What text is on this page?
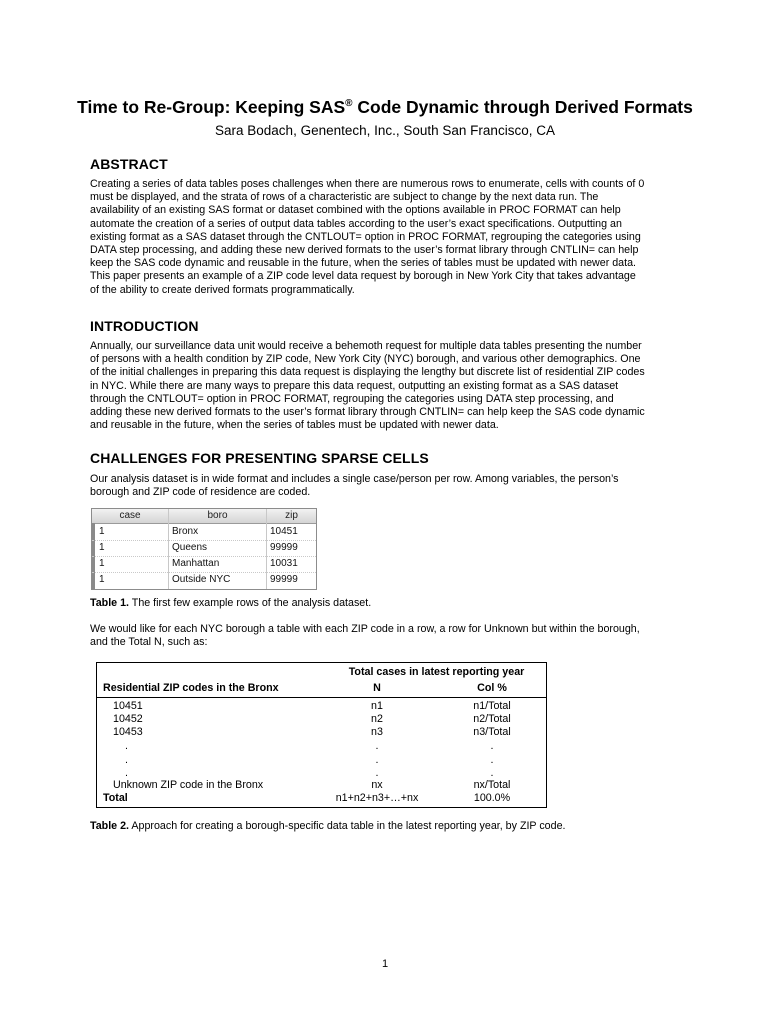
Time to Re-Group: Keeping SAS® Code Dynamic through Derived Formats
Sara Bodach, Genentech, Inc., South San Francisco, CA
ABSTRACT
Creating a series of data tables poses challenges when there are numerous rows to enumerate, cells with counts of 0
must be displayed, and the strata of rows of a characteristic are subject to change by the next data run. The
availability of an existing SAS format or dataset combined with the options available in PROC FORMAT can help
automate the creation of a series of output data tables according to the user’s exact specifications. Outputting an
existing format as a SAS dataset through the CNTLOUT= option in PROC FORMAT, regrouping the categories using
DATA step processing, and adding these new derived formats to the user’s format library through CNTLIN= can help
keep the SAS code dynamic and reusable in the future, when the series of tables must be updated with newer data.
This paper presents an example of a ZIP code level data request by borough in New York City that takes advantage
of the ability to create derived formats programmatically.
INTRODUCTION
Annually, our surveillance data unit would receive a behemoth request for multiple data tables presenting the number
of persons with a health condition by ZIP code, New York City (NYC) borough, and various other demographics. One
of the initial challenges in preparing this data request is displaying the lengthy but discrete list of residential ZIP codes
in NYC. While there are many ways to prepare this data request, outputting an existing format as a SAS dataset
through the CNTLOUT= option in PROC FORMAT, regrouping the categories using DATA step processing, and
adding these new derived formats to the user’s format library through CNTLIN= can help keep the SAS code dynamic
and reusable in the future, when the series of tables must be updated with newer data.
CHALLENGES FOR PRESENTING SPARSE CELLS
Our analysis dataset is in wide format and includes a single case/person per row. Among variables, the person’s
borough and ZIP code of residence are coded.
case	boro	zip
1	Bronx	10451
1	Queens	99999
1	Manhattan	10031
1	Outside NYC	99999
Table 1. The first few example rows of the analysis dataset.
We would like for each NYC borough a table with each ZIP code in a row, a row for Unknown but within the borough,
and the Total N, such as:
Total cases in latest reporting year
Residential ZIP codes in the Bronx	N	Col %
10451	n1	n1/Total
10452	n2	n2/Total
10453	n3	n3/Total
.	.	.
.	.	.
.	.	.
Unknown ZIP code in the Bronx	nx	nx/Total
Total	n1+n2+n3+…+nx	100.0%
Table 2. Approach for creating a borough-specific data table in the latest reporting year, by ZIP code.
1
